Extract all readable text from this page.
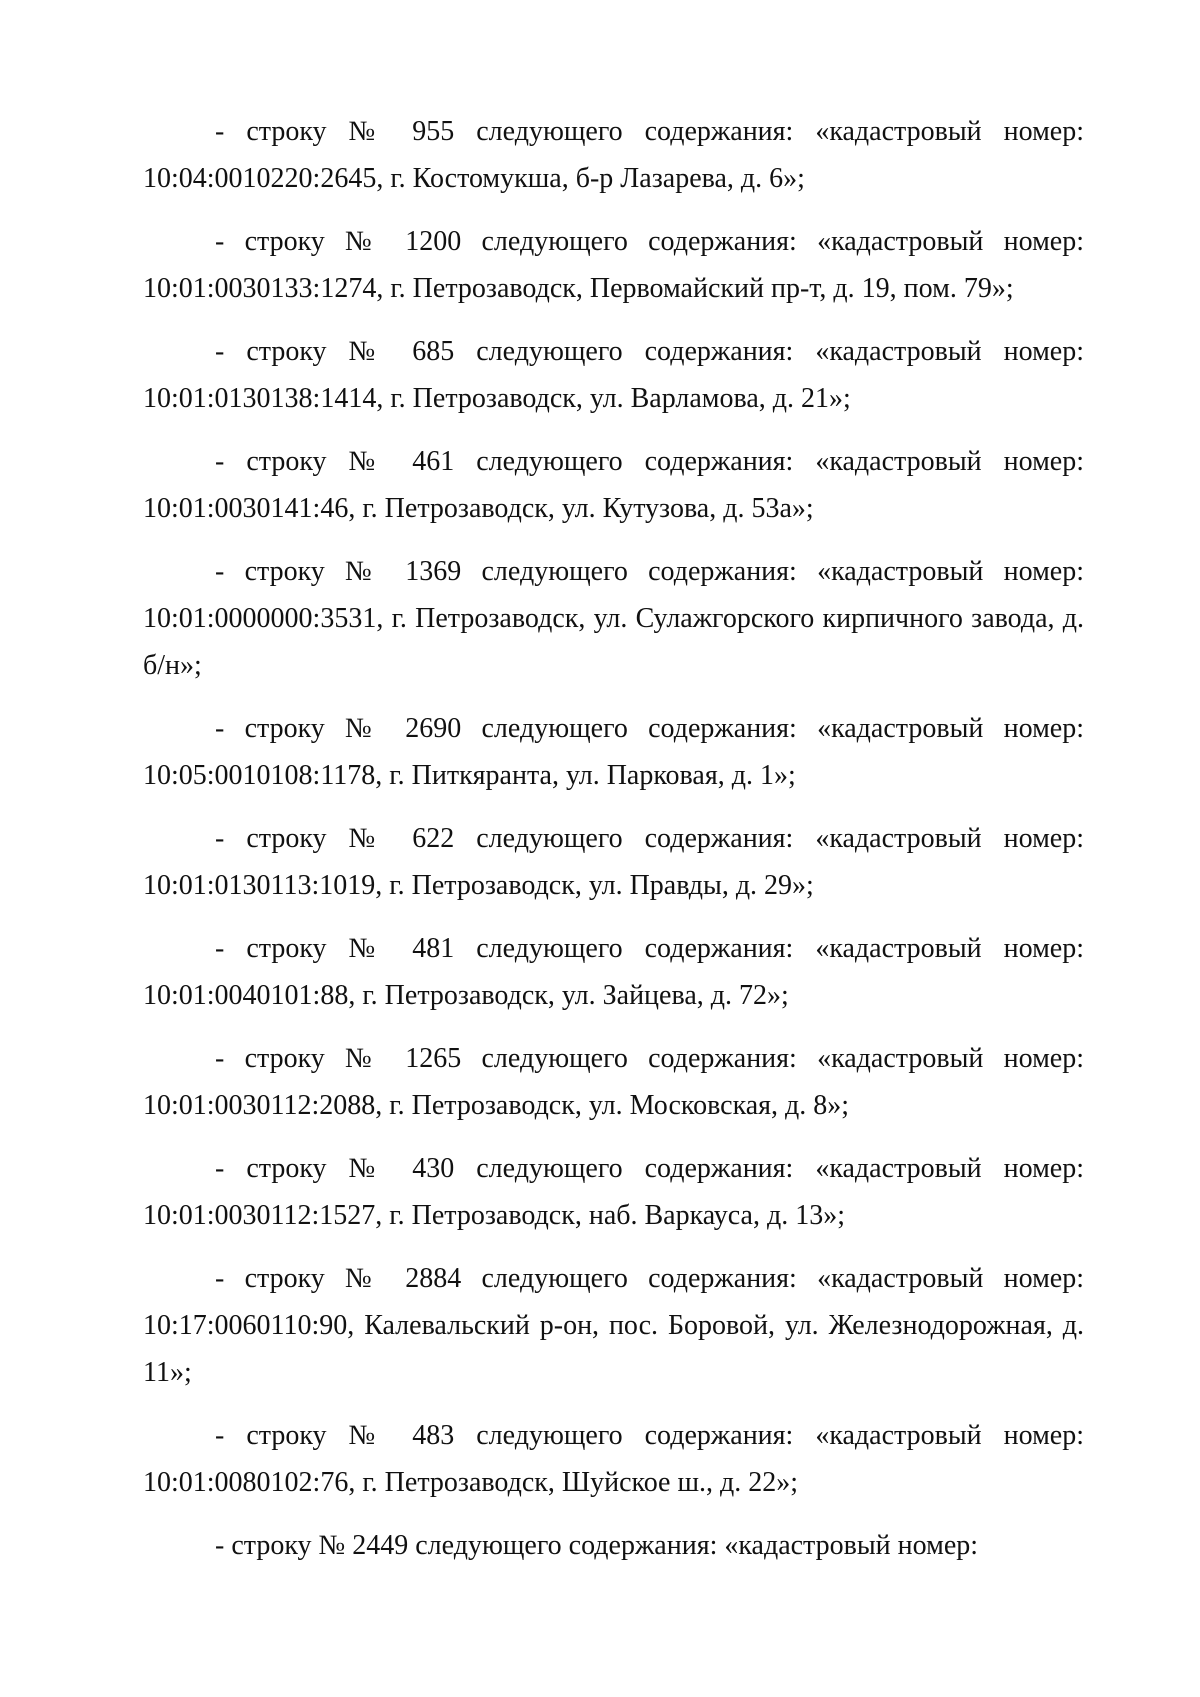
- строку № 955 следующего содержания: «кадастровый номер: 10:04:0010220:2645, г. Костомукша, б-р Лазарева, д. 6»;

- строку № 1200 следующего содержания: «кадастровый номер: 10:01:0030133:1274, г. Петрозаводск, Первомайский пр-т, д. 19, пом. 79»;

- строку № 685 следующего содержания: «кадастровый номер: 10:01:0130138:1414, г. Петрозаводск, ул. Варламова, д. 21»;

- строку № 461 следующего содержания: «кадастровый номер: 10:01:0030141:46, г. Петрозаводск, ул. Кутузова, д. 53а»;

- строку № 1369 следующего содержания: «кадастровый номер: 10:01:0000000:3531, г. Петрозаводск, ул. Сулажгорского кирпичного завода, д. б/н»;

- строку № 2690 следующего содержания: «кадастровый номер: 10:05:0010108:1178, г. Питкяранта, ул. Парковая, д. 1»;

- строку № 622 следующего содержания: «кадастровый номер: 10:01:0130113:1019, г. Петрозаводск, ул. Правды, д. 29»;

- строку № 481 следующего содержания: «кадастровый номер: 10:01:0040101:88, г. Петрозаводск, ул. Зайцева, д. 72»;

- строку № 1265 следующего содержания: «кадастровый номер: 10:01:0030112:2088, г. Петрозаводск, ул. Московская, д. 8»;

- строку № 430 следующего содержания: «кадастровый номер: 10:01:0030112:1527, г. Петрозаводск, наб. Варкауса, д. 13»;

- строку № 2884 следующего содержания: «кадастровый номер: 10:17:0060110:90, Калевальский р-он, пос. Боровой, ул. Железнодорожная, д. 11»;

- строку № 483 следующего содержания: «кадастровый номер: 10:01:0080102:76, г. Петрозаводск, Шуйское ш., д. 22»;

- строку № 2449 следующего содержания: «кадастровый номер:
